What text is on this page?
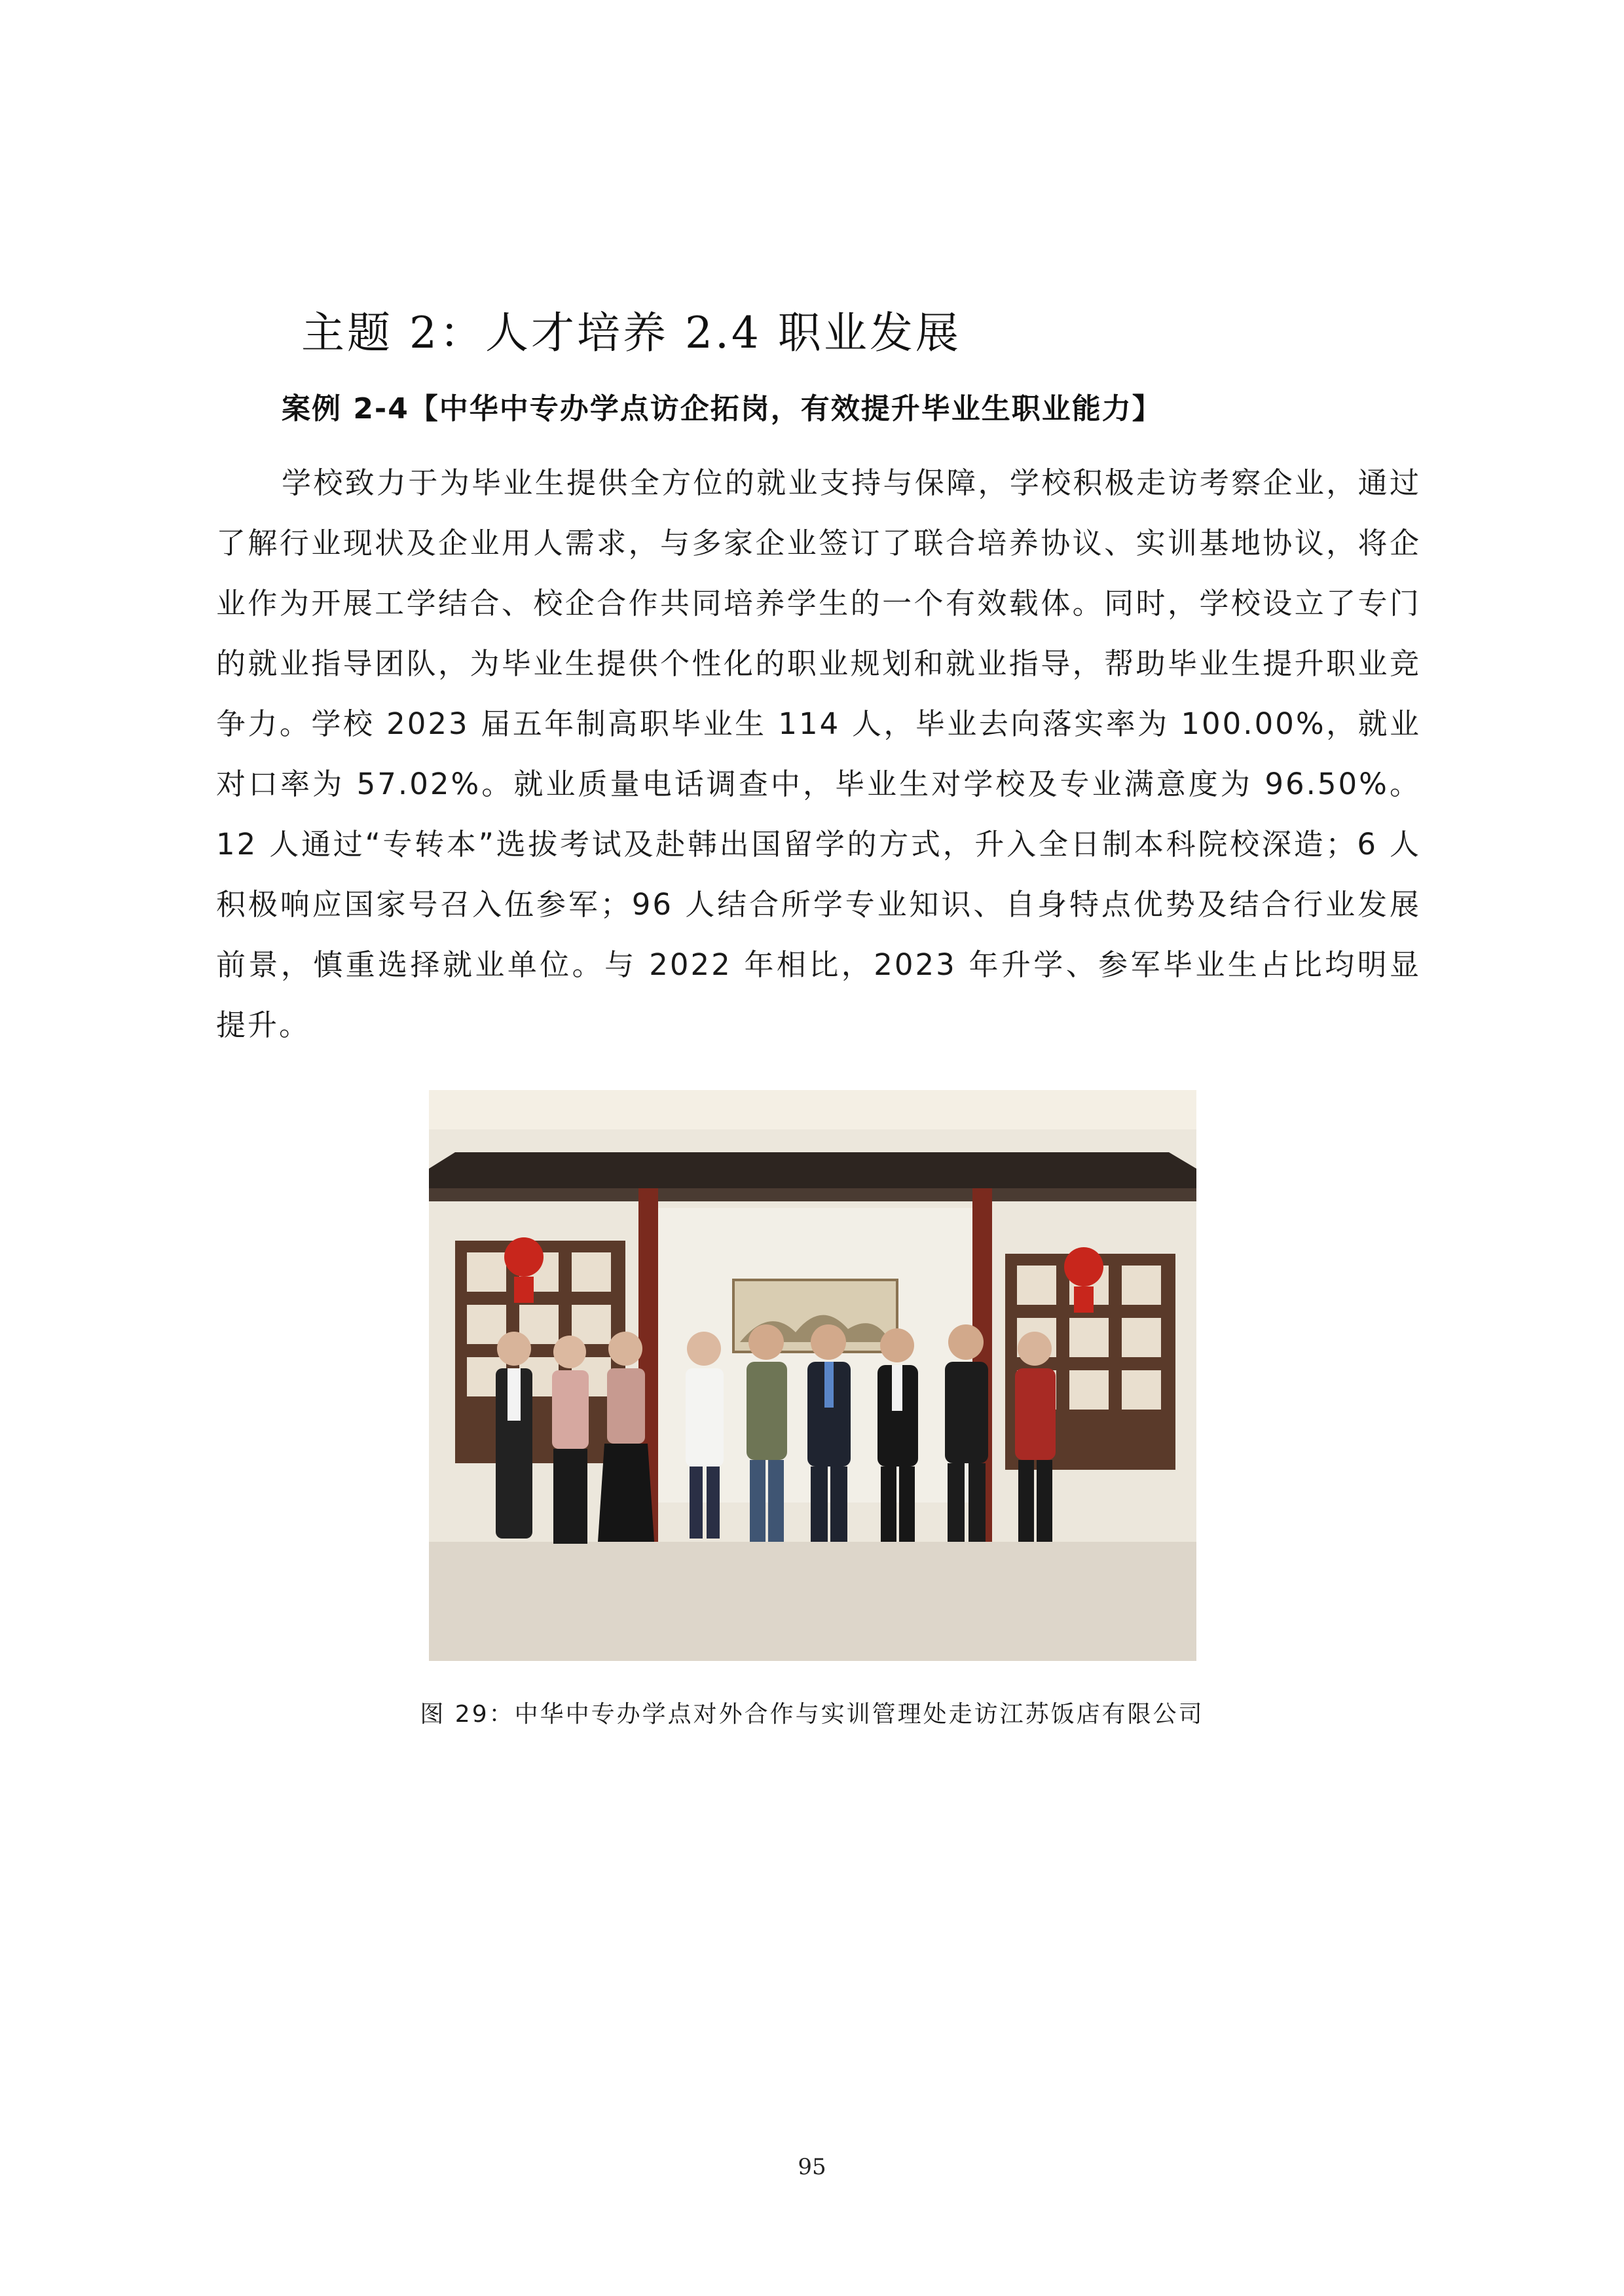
主题 2：人才培养 2.4 职业发展
案例 2-4【中华中专办学点访企拓岗，有效提升毕业生职业能力】

学校致力于为毕业生提供全方位的就业支持与保障，学校积极走访考察企业，通过了解行业现状及企业用人需求，与多家企业签订了联合培养协议、实训基地协议，将企业作为开展工学结合、校企合作共同培养学生的一个有效载体。同时，学校设立了专门的就业指导团队，为毕业生提供个性化的职业规划和就业指导，帮助毕业生提升职业竞争力。学校 2023 届五年制高职毕业生 114 人，毕业去向落实率为 100.00%，就业对口率为 57.02%。就业质量电话调查中，毕业生对学校及专业满意度为 96.50%。12 人通过“专转本”选拔考试及赴韩出国留学的方式，升入全日制本科院校深造；6 人积极响应国家号召入伍参军；96 人结合所学专业知识、自身特点优势及结合行业发展前景，慎重选择就业单位。与 2022 年相比，2023 年升学、参军毕业生占比均明显提升。

图 29：中华中专办学点对外合作与实训管理处走访江苏饭店有限公司
95
